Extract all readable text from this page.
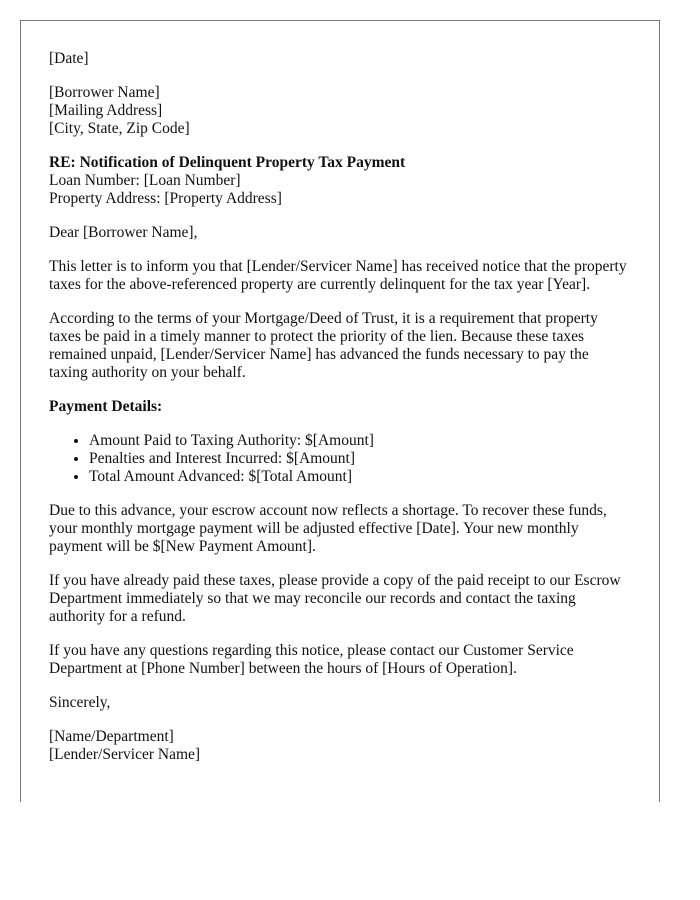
[Date]
[Borrower Name]
[Mailing Address]
[City, State, Zip Code]
RE: Notification of Delinquent Property Tax Payment
Loan Number: [Loan Number]
Property Address: [Property Address]

Dear [Borrower Name],

This letter is to inform you that [Lender/Servicer Name] has received notice that the property taxes for the above-referenced property are currently delinquent for the tax year [Year].

According to the terms of your Mortgage/Deed of Trust, it is a requirement that property taxes be paid in a timely manner to protect the priority of the lien. Because these taxes remained unpaid, [Lender/Servicer Name] has advanced the funds necessary to pay the taxing authority on your behalf.

Payment Details:

• Amount Paid to Taxing Authority: $[Amount]
• Penalties and Interest Incurred: $[Amount]
• Total Amount Advanced: $[Total Amount]

Due to this advance, your escrow account now reflects a shortage. To recover these funds, your monthly mortgage payment will be adjusted effective [Date]. Your new monthly payment will be $[New Payment Amount].

If you have already paid these taxes, please provide a copy of the paid receipt to our Escrow Department immediately so that we may reconcile our records and contact the taxing authority for a refund.

If you have any questions regarding this notice, please contact our Customer Service Department at [Phone Number] between the hours of [Hours of Operation].

Sincerely,

[Name/Department]
[Lender/Servicer Name]
